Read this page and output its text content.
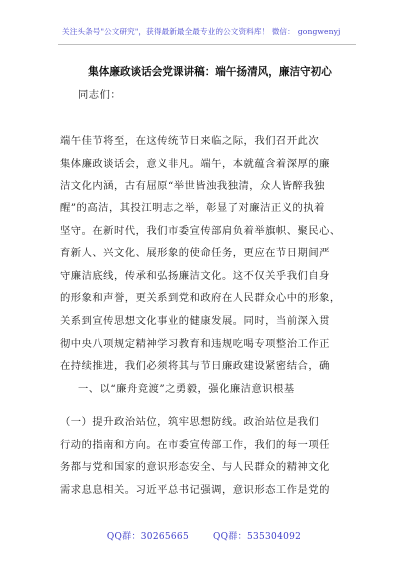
关注头条号"公文研究"，获得最新最全最专业的公文资料库！ 微信： gongwenyj
集体廉政谈话会党课讲稿：端午扬清风，廉洁守初心
同志们：
端午佳节将至，在这传统节日来临之际，我们召开此次
集体廉政谈话会，意义非凡。端午，本就蕴含着深厚的廉
洁文化内涵，古有屈原“举世皆浊我独清，众人皆醉我独
醒”的高洁，其投江明志之举，彰显了对廉洁正义的执着
坚守。在新时代，我们市委宣传部肩负着举旗帜、聚民心、
育新人、兴文化、展形象的使命任务，更应在节日期间严
守廉洁底线，传承和弘扬廉洁文化。这不仅关乎我们自身
的形象和声誉，更关系到党和政府在人民群众心中的形象，
关系到宣传思想文化事业的健康发展。同时，当前深入贯
彻中央八项规定精神学习教育和违规吃喝专项整治工作正
在持续推进，我们必须将其与节日廉政建设紧密结合，确
一、以“廉舟竞渡”之勇毅，强化廉洁意识根基
（一）提升政治站位，筑牢思想防线。政治站位是我们
行动的指南和方向。在市委宣传部工作，我们的每一项任
务都与党和国家的意识形态安全、与人民群众的精神文化
需求息息相关。习近平总书记强调，意识形态工作是党的
QQ群：30265665	QQ群：535304092
